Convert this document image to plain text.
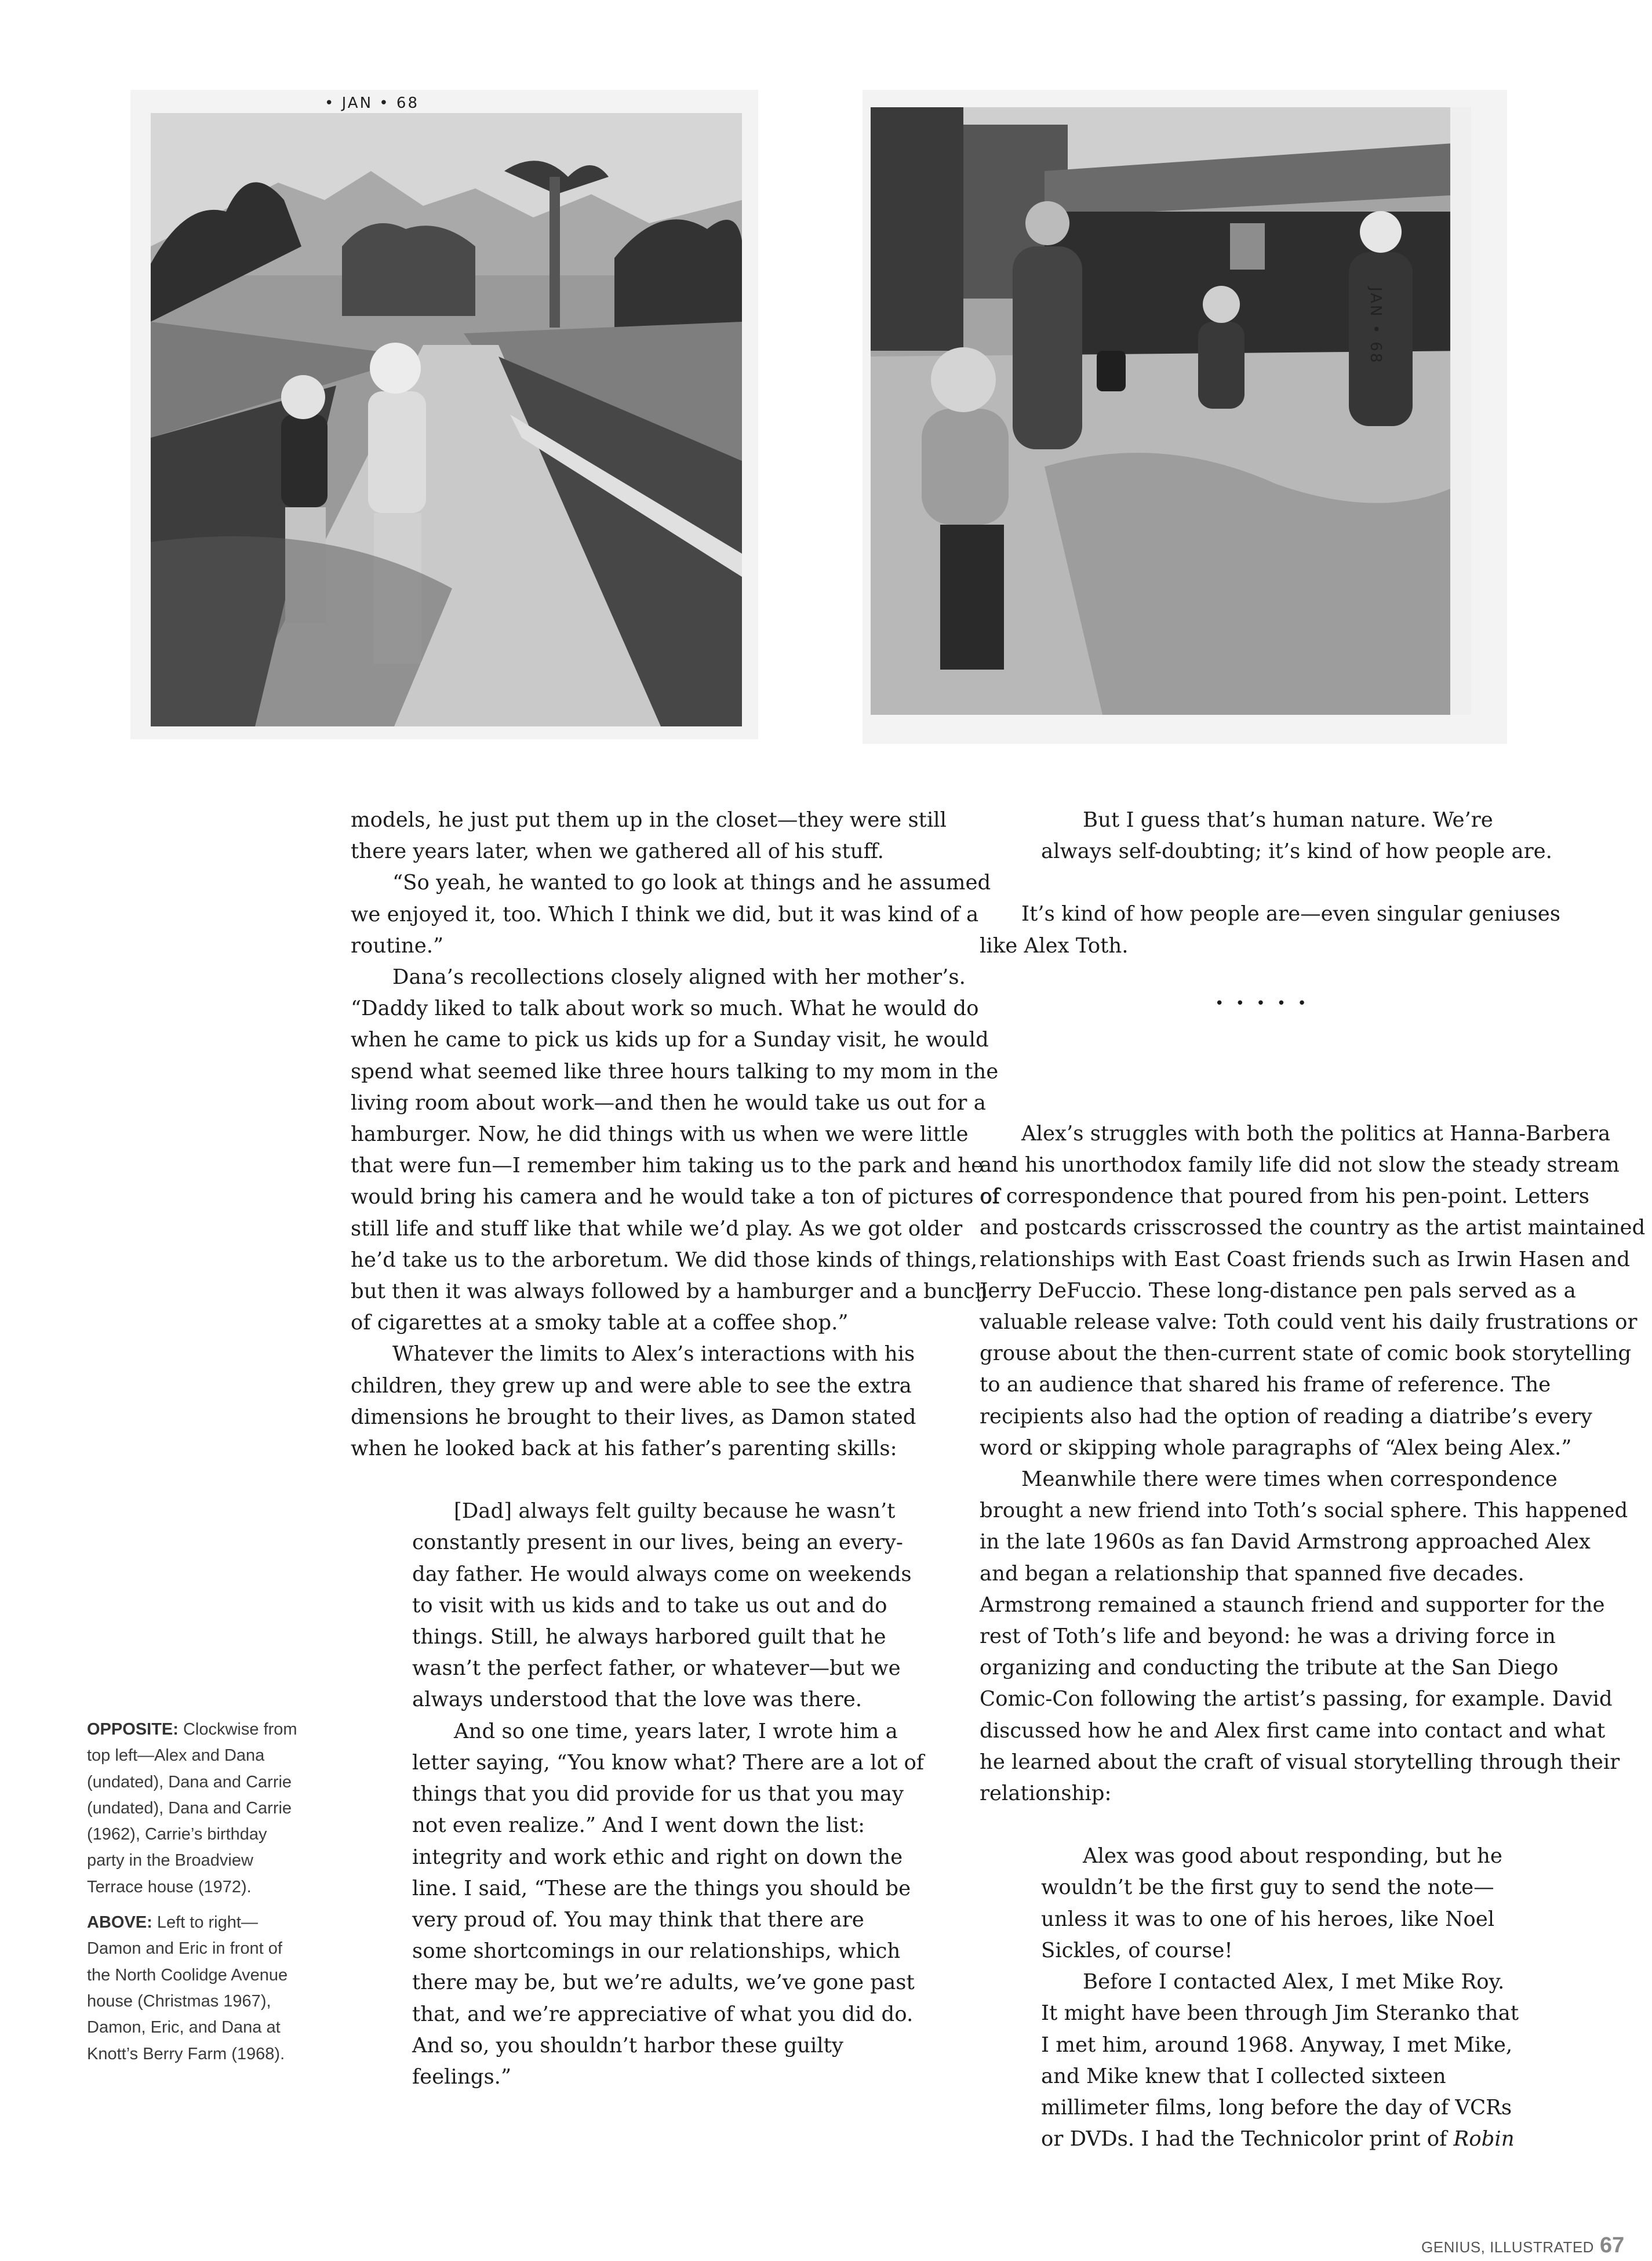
• JAN • 68
JAN • 68

models, he just put them up in the closet—they were still

there years later, when we gathered all of his stuff.

“So yeah, he wanted to go look at things and he assumed

we enjoyed it, too. Which I think we did, but it was kind of a

routine.”

Dana’s recollections closely aligned with her mother’s.

“Daddy liked to talk about work so much. What he would do

when he came to pick us kids up for a Sunday visit, he would

spend what seemed like three hours talking to my mom in the

living room about work—and then he would take us out for a

hamburger. Now, he did things with us when we were little

that were fun—I remember him taking us to the park and he

would bring his camera and he would take a ton of pictures of

still life and stuff like that while we’d play. As we got older

he’d take us to the arboretum. We did those kinds of things,

but then it was always followed by a hamburger and a bunch

of cigarettes at a smoky table at a coffee shop.”

Whatever the limits to Alex’s interactions with his

children, they grew up and were able to see the extra

dimensions he brought to their lives, as Damon stated

when he looked back at his father’s parenting skills:

[Dad] always felt guilty because he wasn’t

constantly present in our lives, being an every-

day father. He would always come on weekends

to visit with us kids and to take us out and do

things. Still, he always harbored guilt that he

wasn’t the perfect father, or whatever—but we

always understood that the love was there.

And so one time, years later, I wrote him a

letter saying, “You know what? There are a lot of

things that you did provide for us that you may

not even realize.” And I went down the list:

integrity and work ethic and right on down the

line. I said, “These are the things you should be

very proud of. You may think that there are

some shortcomings in our relationships, which

there may be, but we’re adults, we’ve gone past

that, and we’re appreciative of what you did do.

And so, you shouldn’t harbor these guilty

feelings.”

But I guess that’s human nature. We’re

always self-doubting; it’s kind of how people are.

It’s kind of how people are—even singular geniuses

like Alex Toth.

Alex’s struggles with both the politics at Hanna-Barbera

and his unorthodox family life did not slow the steady stream

of correspondence that poured from his pen-point. Letters

and postcards crisscrossed the country as the artist maintained

relationships with East Coast friends such as Irwin Hasen and

Jerry DeFuccio. These long-distance pen pals served as a

valuable release valve: Toth could vent his daily frustrations or

grouse about the then-current state of comic book storytelling

to an audience that shared his frame of reference. The

recipients also had the option of reading a diatribe’s every

word or skipping whole paragraphs of “Alex being Alex.”

Meanwhile there were times when correspondence

brought a new friend into Toth’s social sphere. This happened

in the late 1960s as fan David Armstrong approached Alex

and began a relationship that spanned five decades.

Armstrong remained a staunch friend and supporter for the

rest of Toth’s life and beyond: he was a driving force in

organizing and conducting the tribute at the San Diego

Comic-Con following the artist’s passing, for example. David

discussed how he and Alex first came into contact and what

he learned about the craft of visual storytelling through their

relationship:

Alex was good about responding, but he

wouldn’t be the first guy to send the note—

unless it was to one of his heroes, like Noel

Sickles, of course!

Before I contacted Alex, I met Mike Roy.

It might have been through Jim Steranko that

I met him, around 1968. Anyway, I met Mike,

and Mike knew that I collected sixteen

millimeter films, long before the day of VCRs

or DVDs. I had the Technicolor print of Robin

• • • • •

OPPOSITE: Clockwise from
top left—Alex and Dana
(undated), Dana and Carrie
(undated), Dana and Carrie
(1962), Carrie’s birthday
party in the Broadview
Terrace house (1972).

ABOVE: Left to right—
Damon and Eric in front of
the North Coolidge Avenue
house (Christmas 1967),
Damon, Eric, and Dana at
Knott’s Berry Farm (1968).

GENIUS, ILLUSTRATED 67
